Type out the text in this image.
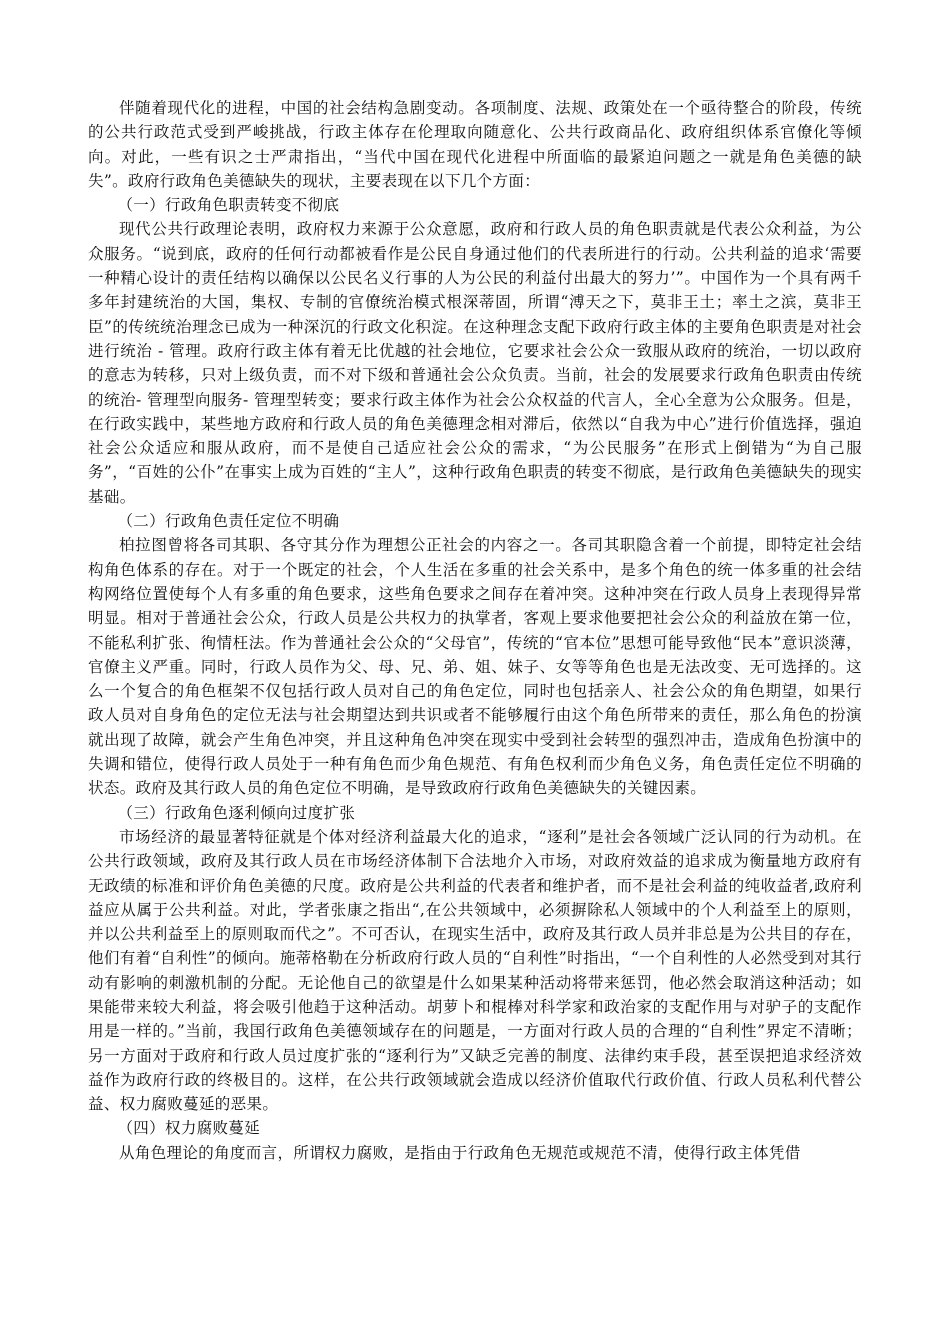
伴随着现代化的进程，中国的社会结构急剧变动。各项制度、法规、政策处在一个亟待整合的阶段，传统的公共行政范式受到严峻挑战，行政主体存在伦理取向随意化、公共行政商品化、政府组织体系官僚化等倾向。对此，一些有识之士严肃指出，“当代中国在现代化进程中所面临的最紧迫问题之一就是角色美德的缺失”。政府行政角色美德缺失的现状，主要表现在以下几个方面：

（一）行政角色职责转变不彻底

现代公共行政理论表明，政府权力来源于公众意愿，政府和行政人员的角色职责就是代表公众利益，为公众服务。“说到底，政府的任何行动都被看作是公民自身通过他们的代表所进行的行动。公共利益的追求‘需要一种精心设计的责任结构以确保以公民名义行事的人为公民的利益付出最大的努力’”。中国作为一个具有两千多年封建统治的大国，集权、专制的官僚统治模式根深蒂固，所谓“溥天之下，莫非王土；率土之滨，莫非王臣”的传统统治理念已成为一种深沉的行政文化积淀。在这种理念支配下政府行政主体的主要角色职责是对社会进行统治 - 管理。政府行政主体有着无比优越的社会地位，它要求社会公众一致服从政府的统治，一切以政府的意志为转移，只对上级负责，而不对下级和普通社会公众负责。当前，社会的发展要求行政角色职责由传统的统治- 管理型向服务- 管理型转变；要求行政主体作为社会公众权益的代言人，全心全意为公众服务。但是，在行政实践中，某些地方政府和行政人员的角色美德理念相对滞后，依然以“自我为中心”进行价值选择，强迫社会公众适应和服从政府，而不是使自己适应社会公众的需求，“为公民服务”在形式上倒错为“为自己服务”，“百姓的公仆”在事实上成为百姓的“主人”，这种行政角色职责的转变不彻底，是行政角色美德缺失的现实基础。

（二）行政角色责任定位不明确

柏拉图曾将各司其职、各守其分作为理想公正社会的内容之一。各司其职隐含着一个前提，即特定社会结构角色体系的存在。对于一个既定的社会，个人生活在多重的社会关系中，是多个角色的统一体多重的社会结构网络位置使每个人有多重的角色要求，这些角色要求之间存在着冲突。这种冲突在行政人员身上表现得异常明显。相对于普通社会公众，行政人员是公共权力的执掌者，客观上要求他要把社会公众的利益放在第一位，不能私利扩张、徇情枉法。作为普通社会公众的“父母官”，传统的“官本位”思想可能导致他“民本”意识淡薄，官僚主义严重。同时，行政人员作为父、母、兄、弟、姐、妹子、女等等角色也是无法改变、无可选择的。这么一个复合的角色框架不仅包括行政人员对自己的角色定位，同时也包括亲人、社会公众的角色期望，如果行政人员对自身角色的定位无法与社会期望达到共识或者不能够履行由这个角色所带来的责任，那么角色的扮演就出现了故障，就会产生角色冲突，并且这种角色冲突在现实中受到社会转型的强烈冲击，造成角色扮演中的失调和错位，使得行政人员处于一种有角色而少角色规范、有角色权利而少角色义务，角色责任定位不明确的状态。政府及其行政人员的角色定位不明确，是导致政府行政角色美德缺失的关键因素。

（三）行政角色逐利倾向过度扩张

市场经济的最显著特征就是个体对经济利益最大化的追求，“逐利”是社会各领域广泛认同的行为动机。在公共行政领域，政府及其行政人员在市场经济体制下合法地介入市场，对政府效益的追求成为衡量地方政府有无政绩的标准和评价角色美德的尺度。政府是公共利益的代表者和维护者，而不是社会利益的纯收益者,政府利益应从属于公共利益。对此，学者张康之指出“,在公共领域中，必须摒除私人领域中的个人利益至上的原则，并以公共利益至上的原则取而代之”。不可否认，在现实生活中，政府及其行政人员并非总是为公共目的存在，他们有着“自利性”的倾向。施蒂格勒在分析政府行政人员的“自利性”时指出，“一个自利性的人必然受到对其行动有影响的刺激机制的分配。无论他自己的欲望是什么如果某种活动将带来惩罚，他必然会取消这种活动；如果能带来较大利益，将会吸引他趋于这种活动。胡萝卜和棍棒对科学家和政治家的支配作用与对驴子的支配作用是一样的。”当前，我国行政角色美德领域存在的问题是，一方面对行政人员的合理的“自利性”界定不清晰；另一方面对于政府和行政人员过度扩张的“逐利行为”又缺乏完善的制度、法律约束手段，甚至误把追求经济效益作为政府行政的终极目的。这样，在公共行政领域就会造成以经济价值取代行政价值、行政人员私利代替公益、权力腐败蔓延的恶果。

（四）权力腐败蔓延

从角色理论的角度而言，所谓权力腐败，是指由于行政角色无规范或规范不清，使得行政主体凭借
